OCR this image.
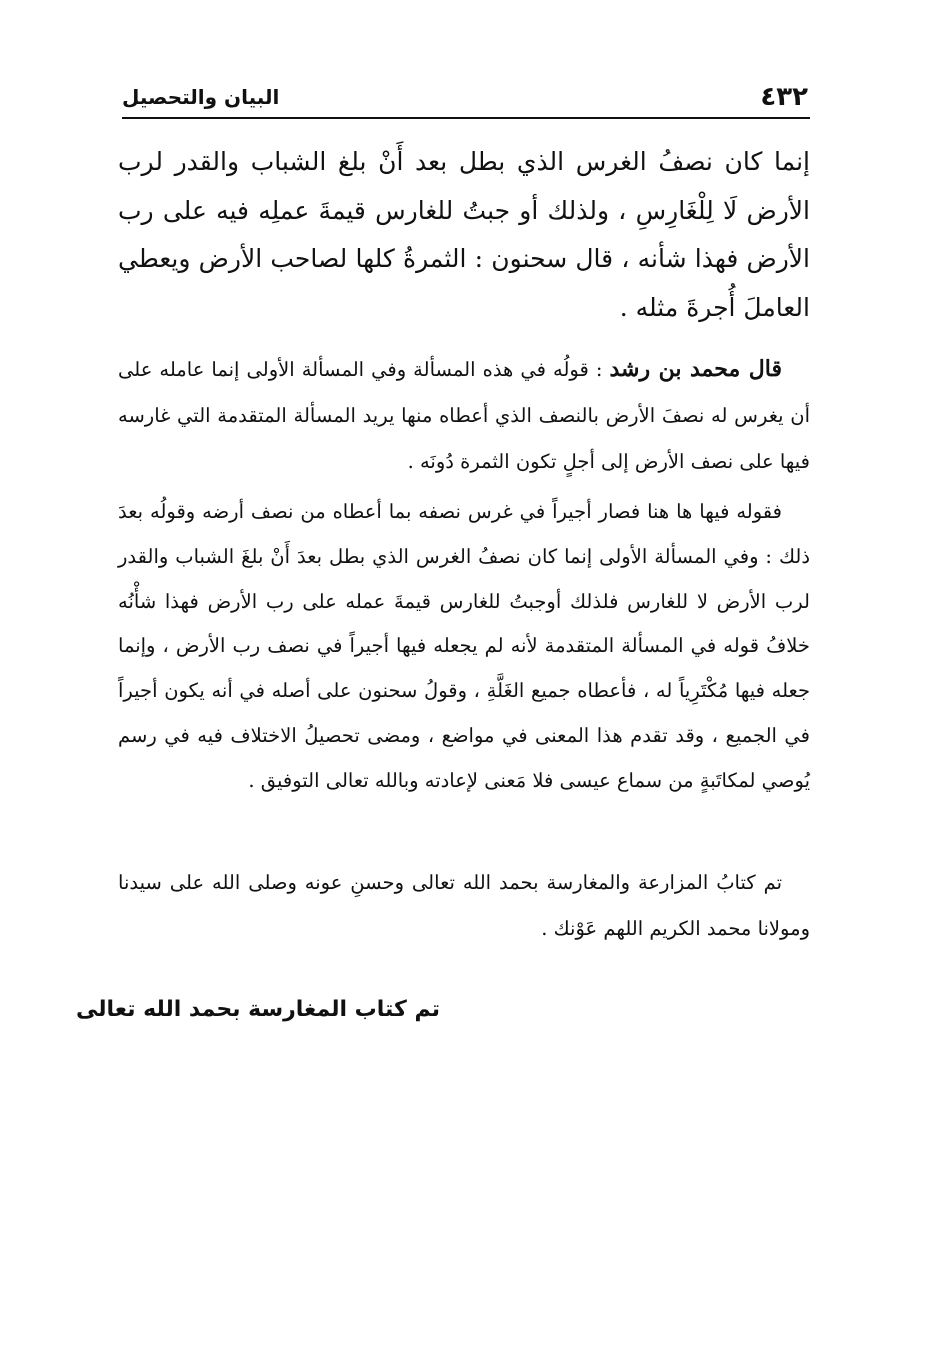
٤٣٢
البيان والتحصيل

إنما كان نصفُ الغرس الذي بطل بعد أَنْ بلغ الشباب والقدر لرب الأرض لَا لِلْغَارِسِ ، ولذلك أو جبتُ للغارس قيمةَ عملِه فيه على رب الأرض فهذا شأنه ، قال سحنون : الثمرةُ كلها لصاحب الأرض ويعطي العاملَ أُجرةَ مثله .

قال محمد بن رشد : قولُه في هذه المسألة وفي المسألة الأولى إنما عامله على أن يغرس له نصفَ الأرض بالنصف الذي أعطاه منها يريد المسألة المتقدمة التي غارسه فيها على نصف الأرض إلى أجلٍ تكون الثمرة دُونَه .

فقوله فيها ها هنا فصار أجيراً في غرس نصفه بما أعطاه من نصف أرضه وقولُه بعدَ ذلك : وفي المسألة الأولى إنما كان نصفُ الغرس الذي بطل بعدَ أَنْ بلغَ الشباب والقدر لرب الأرض لا للغارس فلذلك أوجبتُ للغارس قيمةَ عمله على رب الأرض فهذا شأْنُه خلافُ قوله في المسألة المتقدمة لأنه لم يجعله فيها أجيراً في نصف رب الأرض ، وإنما جعله فيها مُكْتَرِياً له ، فأعطاه جميع الغَلَّةِ ، وقولُ سحنون على أصله في أنه يكون أجيراً في الجميع ، وقد تقدم هذا المعنى في مواضع ، ومضى تحصيلُ الاختلاف فيه في رسم يُوصي لمكاتَبةٍ من سماع عيسى فلا مَعنى لإعادته وبالله تعالى التوفيق .

تم كتابُ المزارعة والمغارسة بحمد الله تعالى وحسنِ عونه وصلى الله على سيدنا ومولانا محمد الكريم اللهم عَوْنك .

تم كتاب المغارسة بحمد الله تعالى
